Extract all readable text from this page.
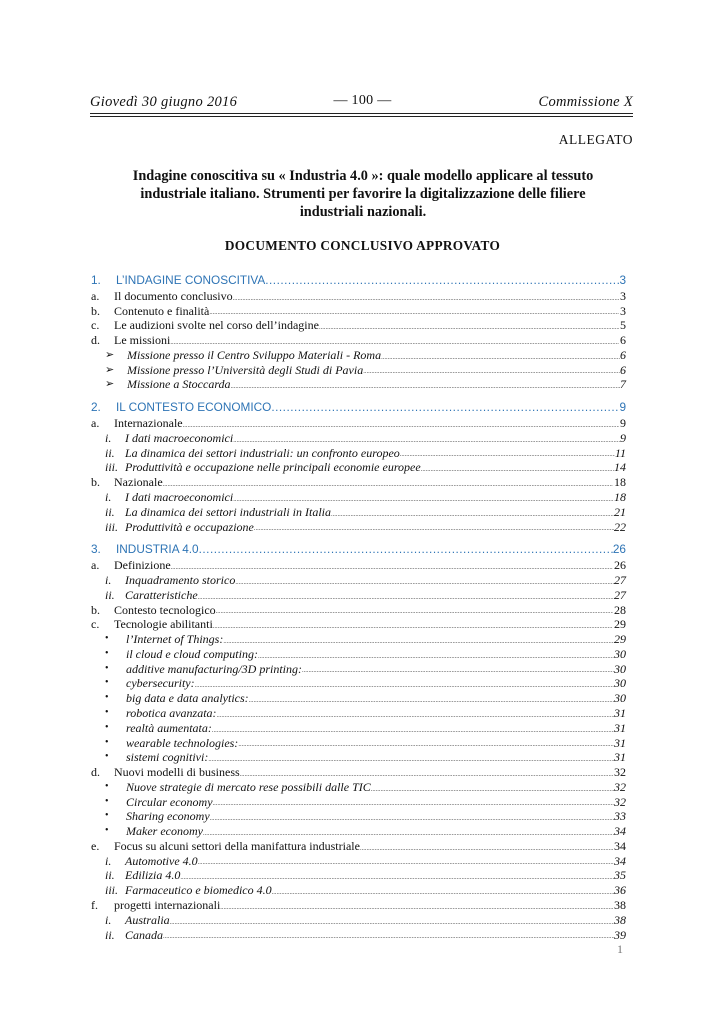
Giovedì 30 giugno 2016	— 100 —	Commissione X
ALLEGATO
Indagine conoscitiva su « Industria 4.0 »: quale modello applicare al tessuto industriale italiano. Strumenti per favorire la digitalizzazione delle filiere industriali nazionali.
DOCUMENTO CONCLUSIVO APPROVATO
1.	L’INDAGINE CONOSCITIVA .....	3
a.	Il documento conclusivo .....	3
b.	Contenuto e finalità .....	3
c.	Le audizioni svolte nel corso dell’indagine .....	5
d.	Le missioni .....	6
➢	Missione presso il Centro Sviluppo Materiali - Roma .....	6
➢	Missione presso l’Università degli Studi di Pavia .....	6
➢	Missione a Stoccarda .....	7
2.	IL CONTESTO ECONOMICO .....	9
a.	Internazionale .....	9
i.	I dati macroeconomici .....	9
ii. La dinamica dei settori industriali: un confronto europeo .....	11
iii. Produttività e occupazione nelle principali economie europee .....	14
b.	Nazionale .....	18
i.	I dati macroeconomici .....	18
ii. La dinamica dei settori industriali in Italia .....	21
iii. Produttività e occupazione .....	22
3.	INDUSTRIA 4.0 .....	26
a.	Definizione .....	26
i.	Inquadramento storico .....	27
ii. Caratteristiche .....	27
b.	Contesto tecnologico .....	28
c.	Tecnologie abilitanti .....	29
•	l’Internet of Things: .....	29
•	il cloud e cloud computing: .....	30
•	additive manufacturing/3D printing: .....	30
•	cybersecurity: .....	30
•	big data e data analytics: .....	30
•	robotica avanzata: .....	31
•	realtà aumentata: .....	31
•	wearable technologies: .....	31
•	sistemi cognitivi: .....	31
d.	Nuovi modelli di business .....	32
•	Nuove strategie di mercato rese possibili dalle TIC .....	32
•	Circular economy .....	32
•	Sharing economy .....	33
•	Maker economy .....	34
e.	Focus su alcuni settori della manifattura industriale .....	34
i.	Automotive 4.0 .....	34
ii. Edilizia 4.0 .....	35
iii. Farmaceutico e biomedico 4.0 .....	36
f.	progetti internazionali .....	38
i.	Australia .....	38
ii. Canada .....	39
1
